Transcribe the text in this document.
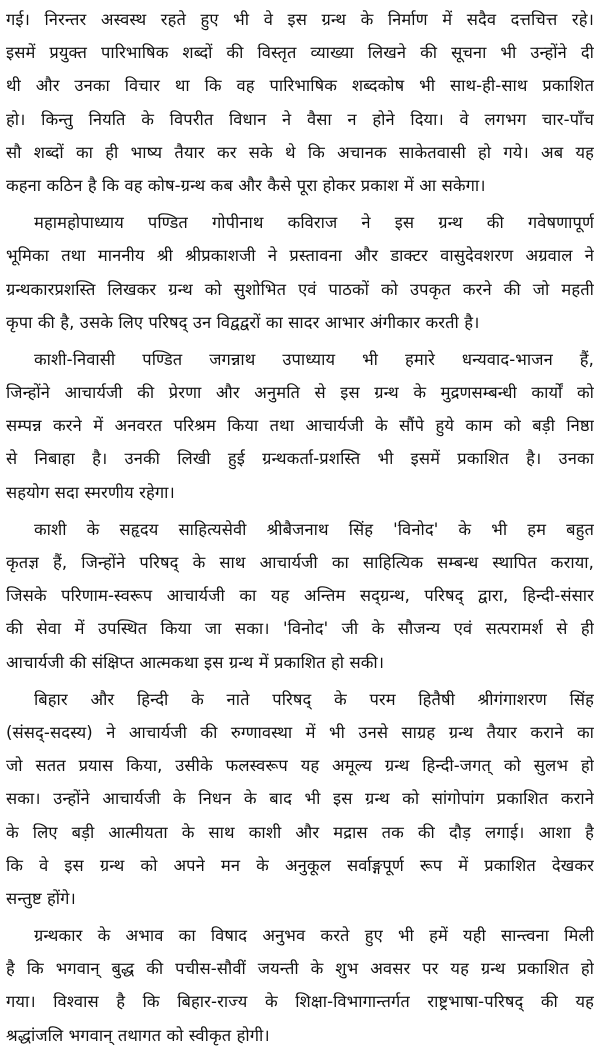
गई। निरन्तर अस्वस्थ रहते हुए भी वे इस ग्रन्थ के निर्माण में सदैव दत्तचित्त रहे।
इसमें प्रयुक्त पारिभाषिक शब्दों की विस्तृत व्याख्या लिखने की सूचना भी उन्होंने दी
थी और उनका विचार था कि वह पारिभाषिक शब्दकोष भी साथ-ही-साथ प्रकाशित
हो। किन्तु नियति के विपरीत विधान ने वैसा न होने दिया। वे लगभग चार-पाँच
सौ शब्दों का ही भाष्य तैयार कर सके थे कि अचानक साकेतवासी हो गये। अब यह
कहना कठिन है कि वह कोष-ग्रन्थ कब और कैसे पूरा होकर प्रकाश में आ सकेगा।
महामहोपाध्याय पण्डित गोपीनाथ कविराज ने इस ग्रन्थ की गवेषणापूर्ण
भूमिका तथा माननीय श्री श्रीप्रकाशजी ने प्रस्तावना और डाक्टर वासुदेवशरण अग्रवाल ने
ग्रन्थकारप्रशस्ति लिखकर ग्रन्थ को सुशोभित एवं पाठकों को उपकृत करने की जो महती
कृपा की है, उसके लिए परिषद् उन विद्वद्वरों का सादर आभार अंगीकार करती है।
काशी-निवासी पण्डित जगन्नाथ उपाध्याय भी हमारे धन्यवाद-भाजन हैं,
जिन्होंने आचार्यजी की प्रेरणा और अनुमति से इस ग्रन्थ के मुद्रणसम्बन्धी कार्यों को
सम्पन्न करने में अनवरत परिश्रम किया तथा आचार्यजी के सौंपे हुये काम को बड़ी निष्ठा
से निबाहा है। उनकी लिखी हुई ग्रन्थकर्ता-प्रशस्ति भी इसमें प्रकाशित है। उनका
सहयोग सदा स्मरणीय रहेगा।
काशी के सहृदय साहित्यसेवी श्रीबैजनाथ सिंह 'विनोद' के भी हम बहुत
कृतज्ञ हैं, जिन्होंने परिषद् के साथ आचार्यजी का साहित्यिक सम्बन्ध स्थापित कराया,
जिसके परिणाम-स्वरूप आचार्यजी का यह अन्तिम सद्ग्रन्थ, परिषद् द्वारा, हिन्दी-संसार
की सेवा में उपस्थित किया जा सका। 'विनोद' जी के सौजन्य एवं सत्परामर्श से ही
आचार्यजी की संक्षिप्त आत्मकथा इस ग्रन्थ में प्रकाशित हो सकी।
बिहार और हिन्दी के नाते परिषद् के परम हितैषी श्रीगंगाशरण सिंह
(संसद्-सदस्य) ने आचार्यजी की रुग्णावस्था में भी उनसे साग्रह ग्रन्थ तैयार कराने का
जो सतत प्रयास किया, उसीके फलस्वरूप यह अमूल्य ग्रन्थ हिन्दी-जगत् को सुलभ हो
सका। उन्होंने आचार्यजी के निधन के बाद भी इस ग्रन्थ को सांगोपांग प्रकाशित कराने
के लिए बड़ी आत्मीयता के साथ काशी और मद्रास तक की दौड़ लगाई। आशा है
कि वे इस ग्रन्थ को अपने मन के अनुकूल सर्वाङ्गपूर्ण रूप में प्रकाशित देखकर
सन्तुष्ट होंगे।
ग्रन्थकार के अभाव का विषाद अनुभव करते हुए भी हमें यही सान्त्वना मिली
है कि भगवान् बुद्ध की पचीस-सौवीं जयन्ती के शुभ अवसर पर यह ग्रन्थ प्रकाशित हो
गया। विश्वास है कि बिहार-राज्य के शिक्षा-विभागान्तर्गत राष्ट्रभाषा-परिषद् की यह
श्रद्धांजलि भगवान् तथागत को स्वीकृत होगी।
